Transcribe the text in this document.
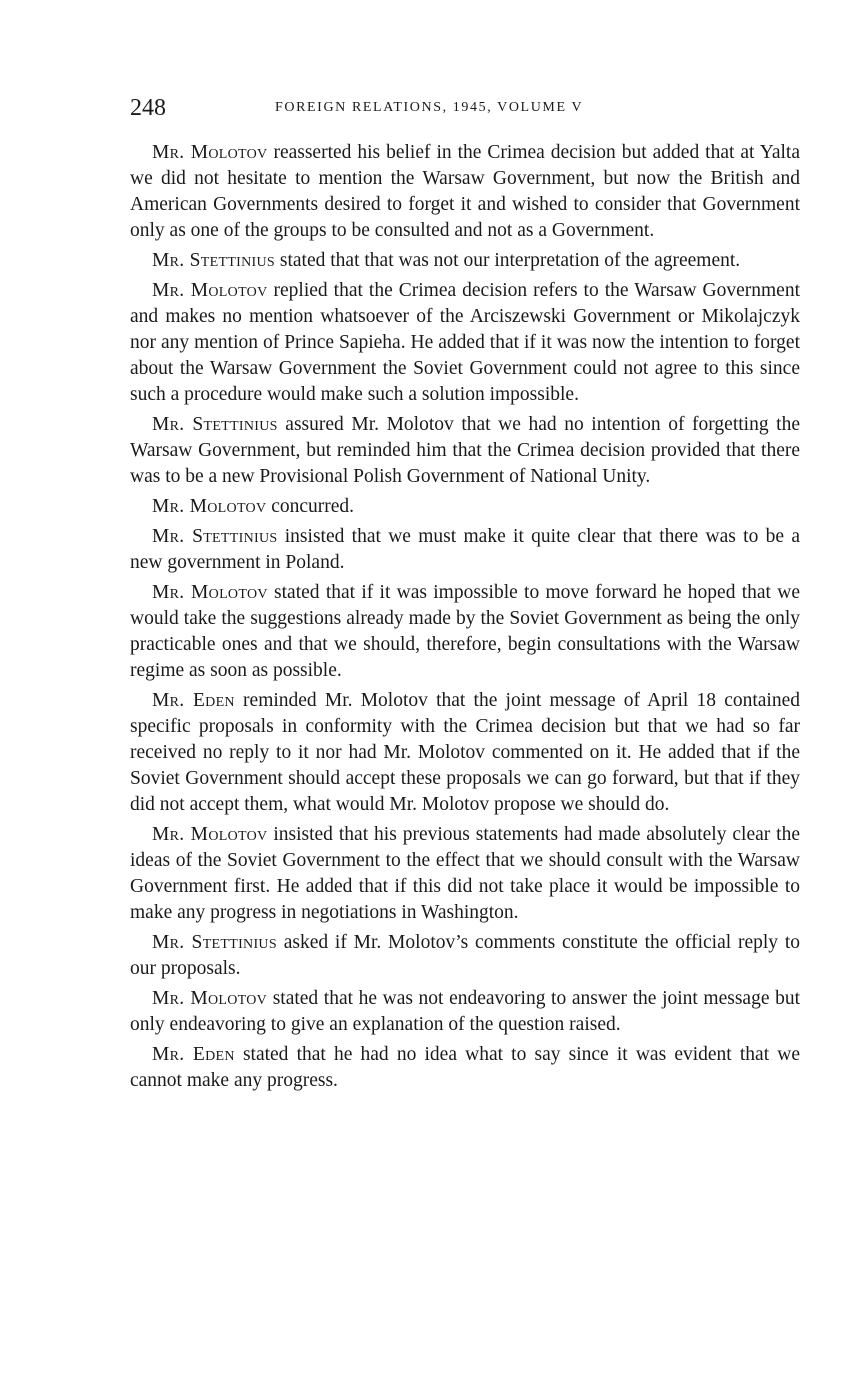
248	FOREIGN RELATIONS, 1945, VOLUME V

Mr. Molotov reasserted his belief in the Crimea decision but added that at Yalta we did not hesitate to mention the Warsaw Government, but now the British and American Governments desired to forget it and wished to consider that Government only as one of the groups to be consulted and not as a Government.

Mr. Stettinius stated that that was not our interpretation of the agreement.

Mr. Molotov replied that the Crimea decision refers to the Warsaw Government and makes no mention whatsoever of the Arciszewski Government or Mikolajczyk nor any mention of Prince Sapieha. He added that if it was now the intention to forget about the Warsaw Government the Soviet Government could not agree to this since such a procedure would make such a solution impossible.

Mr. Stettinius assured Mr. Molotov that we had no intention of forgetting the Warsaw Government, but reminded him that the Crimea decision provided that there was to be a new Provisional Polish Government of National Unity.

Mr. Molotov concurred.

Mr. Stettinius insisted that we must make it quite clear that there was to be a new government in Poland.

Mr. Molotov stated that if it was impossible to move forward he hoped that we would take the suggestions already made by the Soviet Government as being the only practicable ones and that we should, therefore, begin consultations with the Warsaw regime as soon as possible.

Mr. Eden reminded Mr. Molotov that the joint message of April 18 contained specific proposals in conformity with the Crimea decision but that we had so far received no reply to it nor had Mr. Molotov commented on it. He added that if the Soviet Government should accept these proposals we can go forward, but that if they did not accept them, what would Mr. Molotov propose we should do.

Mr. Molotov insisted that his previous statements had made absolutely clear the ideas of the Soviet Government to the effect that we should consult with the Warsaw Government first. He added that if this did not take place it would be impossible to make any progress in negotiations in Washington.

Mr. Stettinius asked if Mr. Molotov’s comments constitute the official reply to our proposals.

Mr. Molotov stated that he was not endeavoring to answer the joint message but only endeavoring to give an explanation of the question raised.

Mr. Eden stated that he had no idea what to say since it was evident that we cannot make any progress.
